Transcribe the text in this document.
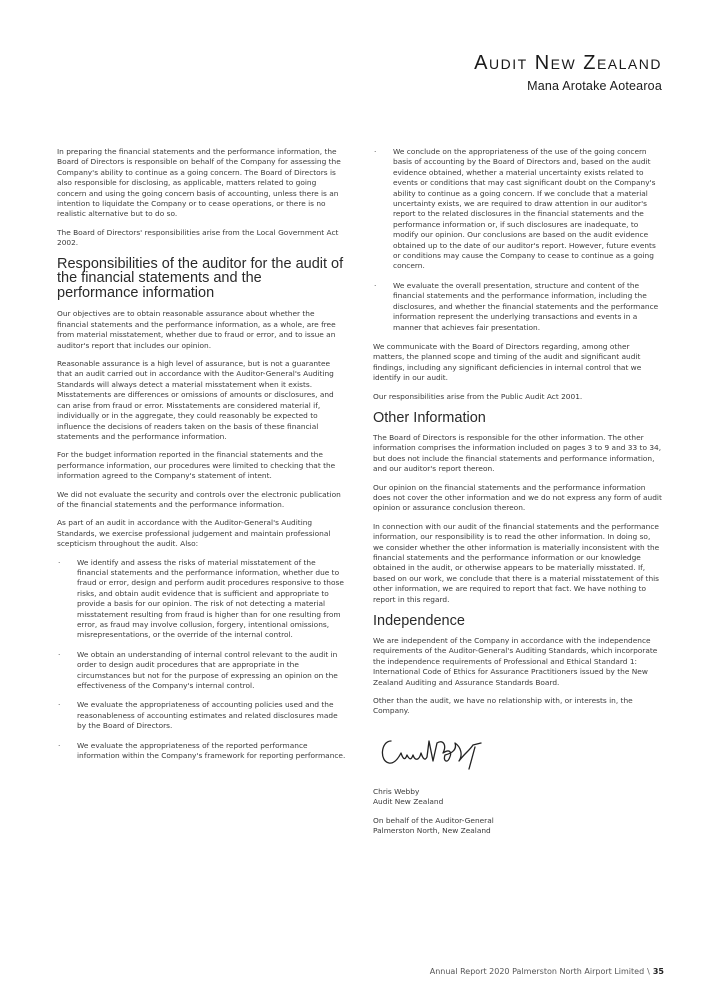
Audit New Zealand
Mana Arotake Aotearoa

In preparing the financial statements and the performance information, the Board of Directors is responsible on behalf of the Company for assessing the Company's ability to continue as a going concern. The Board of Directors is also responsible for disclosing, as applicable, matters related to going concern and using the going concern basis of accounting, unless there is an intention to liquidate the Company or to cease operations, or there is no realistic alternative but to do so.

The Board of Directors' responsibilities arise from the Local Government Act 2002.

Responsibilities of the auditor for the audit of the financial statements and the performance information

Our objectives are to obtain reasonable assurance about whether the financial statements and the performance information, as a whole, are free from material misstatement, whether due to fraud or error, and to issue an auditor's report that includes our opinion.

Reasonable assurance is a high level of assurance, but is not a guarantee that an audit carried out in accordance with the Auditor-General's Auditing Standards will always detect a material misstatement when it exists. Misstatements are differences or omissions of amounts or disclosures, and can arise from fraud or error. Misstatements are considered material if, individually or in the aggregate, they could reasonably be expected to influence the decisions of readers taken on the basis of these financial statements and the performance information.

For the budget information reported in the financial statements and the performance information, our procedures were limited to checking that the information agreed to the Company's statement of intent.

We did not evaluate the security and controls over the electronic publication of the financial statements and the performance information.

As part of an audit in accordance with the Auditor-General's Auditing Standards, we exercise professional judgement and maintain professional scepticism throughout the audit. Also:

· We identify and assess the risks of material misstatement of the financial statements and the performance information, whether due to fraud or error, design and perform audit procedures responsive to those risks, and obtain audit evidence that is sufficient and appropriate to provide a basis for our opinion. The risk of not detecting a material misstatement resulting from fraud is higher than for one resulting from error, as fraud may involve collusion, forgery, intentional omissions, misrepresentations, or the override of the internal control.
· We obtain an understanding of internal control relevant to the audit in order to design audit procedures that are appropriate in the circumstances but not for the purpose of expressing an opinion on the effectiveness of the Company's internal control.
· We evaluate the appropriateness of accounting policies used and the reasonableness of accounting estimates and related disclosures made by the Board of Directors.
· We evaluate the appropriateness of the reported performance information within the Company's framework for reporting performance.
· We conclude on the appropriateness of the use of the going concern basis of accounting by the Board of Directors and, based on the audit evidence obtained, whether a material uncertainty exists related to events or conditions that may cast significant doubt on the Company's ability to continue as a going concern. If we conclude that a material uncertainty exists, we are required to draw attention in our auditor's report to the related disclosures in the financial statements and the performance information or, if such disclosures are inadequate, to modify our opinion. Our conclusions are based on the audit evidence obtained up to the date of our auditor's report. However, future events or conditions may cause the Company to cease to continue as a going concern.
· We evaluate the overall presentation, structure and content of the financial statements and the performance information, including the disclosures, and whether the financial statements and the performance information represent the underlying transactions and events in a manner that achieves fair presentation.

We communicate with the Board of Directors regarding, among other matters, the planned scope and timing of the audit and significant audit findings, including any significant deficiencies in internal control that we identify in our audit.

Our responsibilities arise from the Public Audit Act 2001.

Other Information

The Board of Directors is responsible for the other information. The other information comprises the information included on pages 3 to 9 and 33 to 34, but does not include the financial statements and performance information, and our auditor's report thereon.

Our opinion on the financial statements and the performance information does not cover the other information and we do not express any form of audit opinion or assurance conclusion thereon.

In connection with our audit of the financial statements and the performance information, our responsibility is to read the other information. In doing so, we consider whether the other information is materially inconsistent with the financial statements and the performance information or our knowledge obtained in the audit, or otherwise appears to be materially misstated. If, based on our work, we conclude that there is a material misstatement of this other information, we are required to report that fact. We have nothing to report in this regard.

Independence

We are independent of the Company in accordance with the independence requirements of the Auditor-General's Auditing Standards, which incorporate the independence requirements of Professional and Ethical Standard 1: International Code of Ethics for Assurance Practitioners issued by the New Zealand Auditing and Assurance Standards Board.

Other than the audit, we have no relationship with, or interests in, the Company.

Chris Webby

Audit New Zealand

On behalf of the Auditor-General

Palmerston North, New Zealand

Annual Report 2020 Palmerston North Airport Limited \ 35
